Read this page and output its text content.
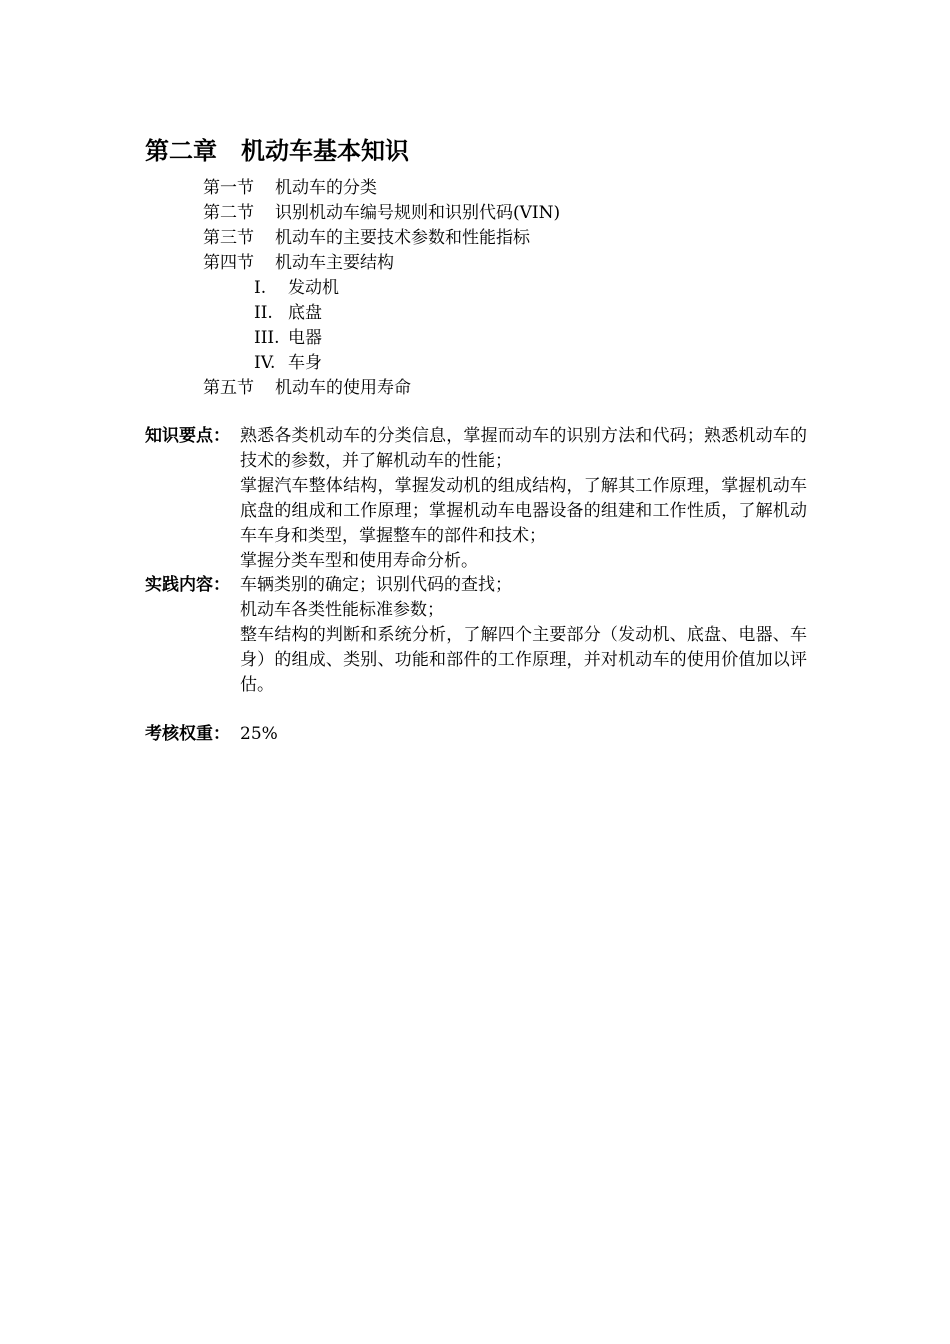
第二章　机动车基本知识
第一节 机动车的分类
第二节 识别机动车编号规则和识别代码(VIN)
第三节 机动车的主要技术参数和性能指标
第四节 机动车主要结构
I. 发动机
II. 底盘
III. 电器
IV. 车身
第五节 机动车的使用寿命
知识要点： 熟悉各类机动车的分类信息，掌握而动车的识别方法和代码；熟悉机动车的技术的参数，并了解机动车的性能；
掌握汽车整体结构，掌握发动机的组成结构，了解其工作原理，掌握机动车底盘的组成和工作原理；掌握机动车电器设备的组建和工作性质，了解机动车车身和类型，掌握整车的部件和技术；
掌握分类车型和使用寿命分析。
实践内容： 车辆类别的确定；识别代码的查找；
机动车各类性能标准参数；
整车结构的判断和系统分析，了解四个主要部分（发动机、底盘、电器、车身）的组成、类别、功能和部件的工作原理，并对机动车的使用价值加以评估。
考核权重： 25%
